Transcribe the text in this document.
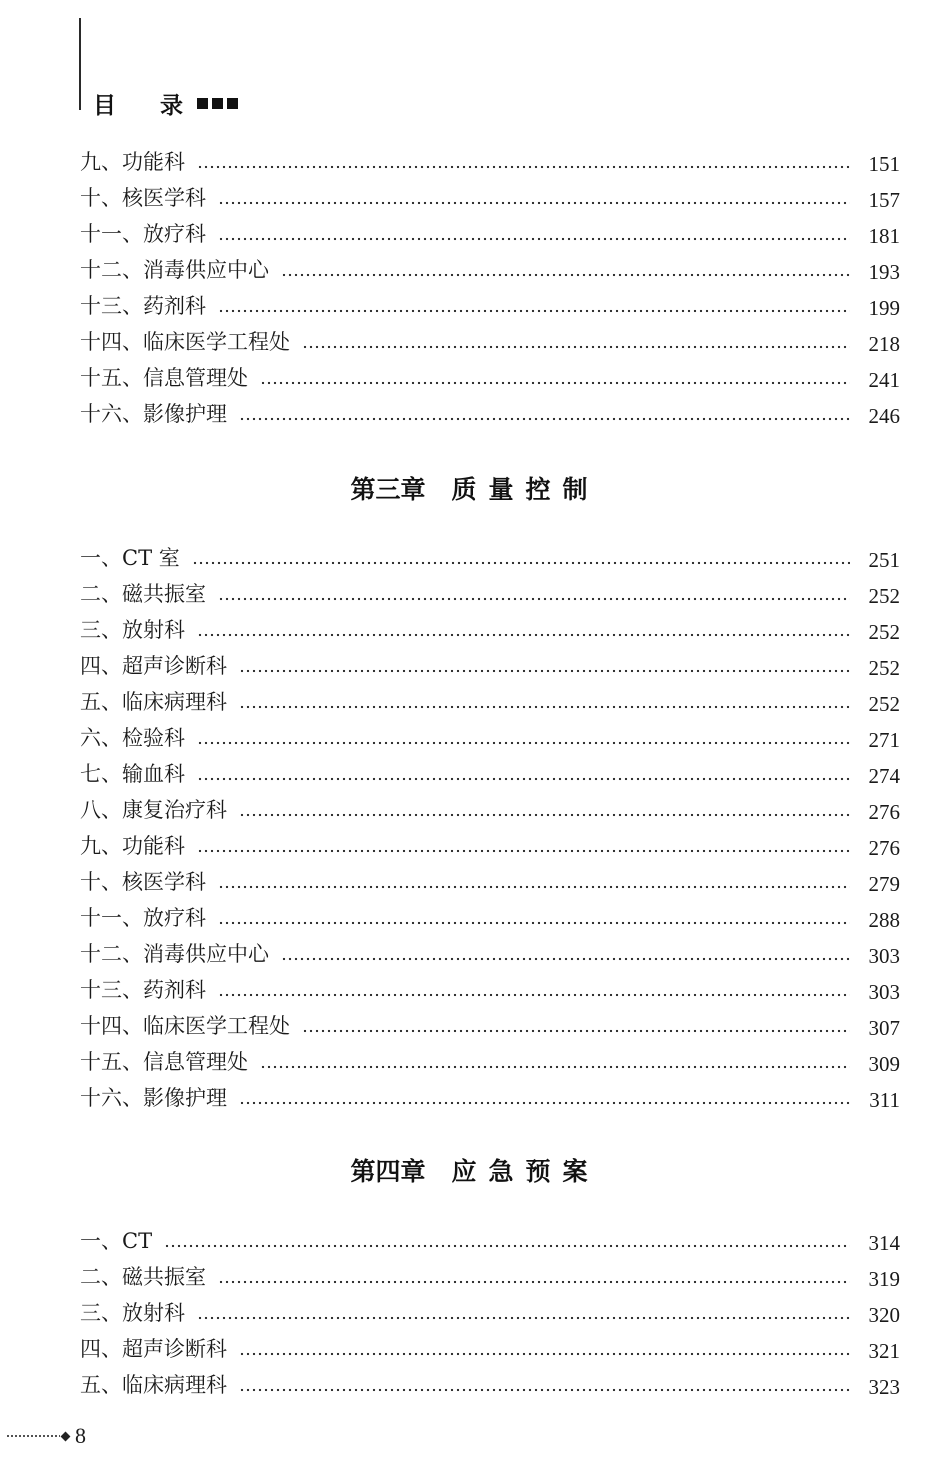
目 录
九、功能科	151
十、核医学科	157
十一、放疗科	181
十二、消毒供应中心	193
十三、药剂科	199
十四、临床医学工程处	218
十五、信息管理处	241
十六、影像护理	246
第三章 质量控制
一、CT 室	251
二、磁共振室	252
三、放射科	252
四、超声诊断科	252
五、临床病理科	252
六、检验科	271
七、输血科	274
八、康复治疗科	276
九、功能科	276
十、核医学科	279
十一、放疗科	288
十二、消毒供应中心	303
十三、药剂科	303
十四、临床医学工程处	307
十五、信息管理处	309
十六、影像护理	311
第四章 应急预案
一、CT	314
二、磁共振室	319
三、放射科	320
四、超声诊断科	321
五、临床病理科	323
8
